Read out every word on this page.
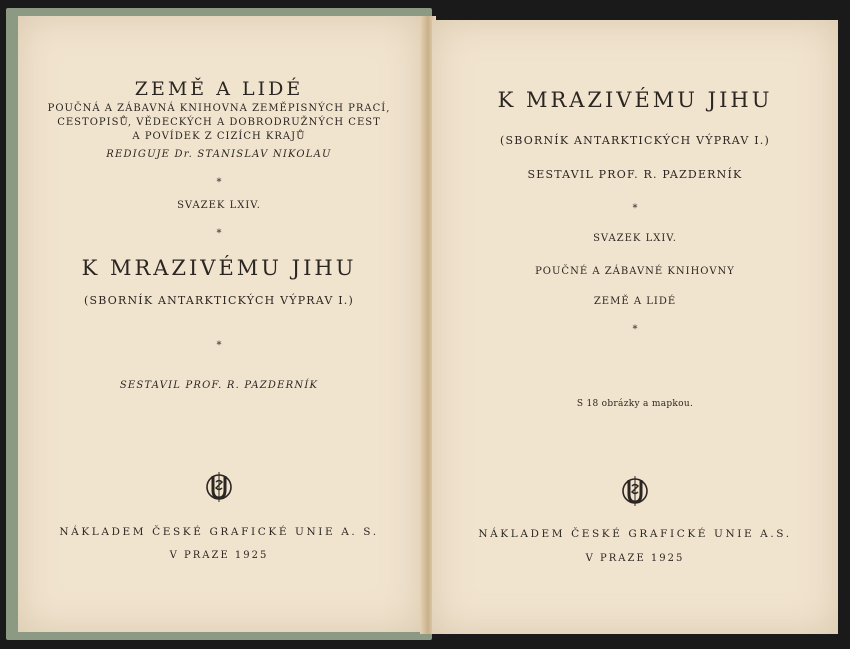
ZEMĚ A LIDÉ
POUČNÁ A ZÁBAVNÁ KNIHOVNA ZEMĚPISNÝCH PRACÍ,
CESTOPISŮ, VĚDECKÝCH A DOBRODRUŽNÝCH CEST
A POVÍDEK Z CIZÍCH KRAJŮ
REDIGUJE Dr. STANISLAV NIKOLAU
*
SVAZEK LXIV.
*
K MRAZIVÉMU JIHU
(SBORNÍK ANTARKTICKÝCH VÝPRAV I.)
*
SESTAVIL PROF. R. PAZDERNÍK
NÁKLADEM ČESKÉ GRAFICKÉ UNIE A. S.
V PRAZE 1925
K MRAZIVÉMU JIHU
(SBORNÍK ANTARKTICKÝCH VÝPRAV I.)
SESTAVIL PROF. R. PAZDERNÍK
*
SVAZEK LXIV.
POUČNÉ A ZÁBAVNÉ KNIHOVNY
ZEMĚ A LIDÉ
*
S 18 obrázky a mapkou.
NÁKLADEM ČESKÉ GRAFICKÉ UNIE A.S.
V PRAZE 1925
